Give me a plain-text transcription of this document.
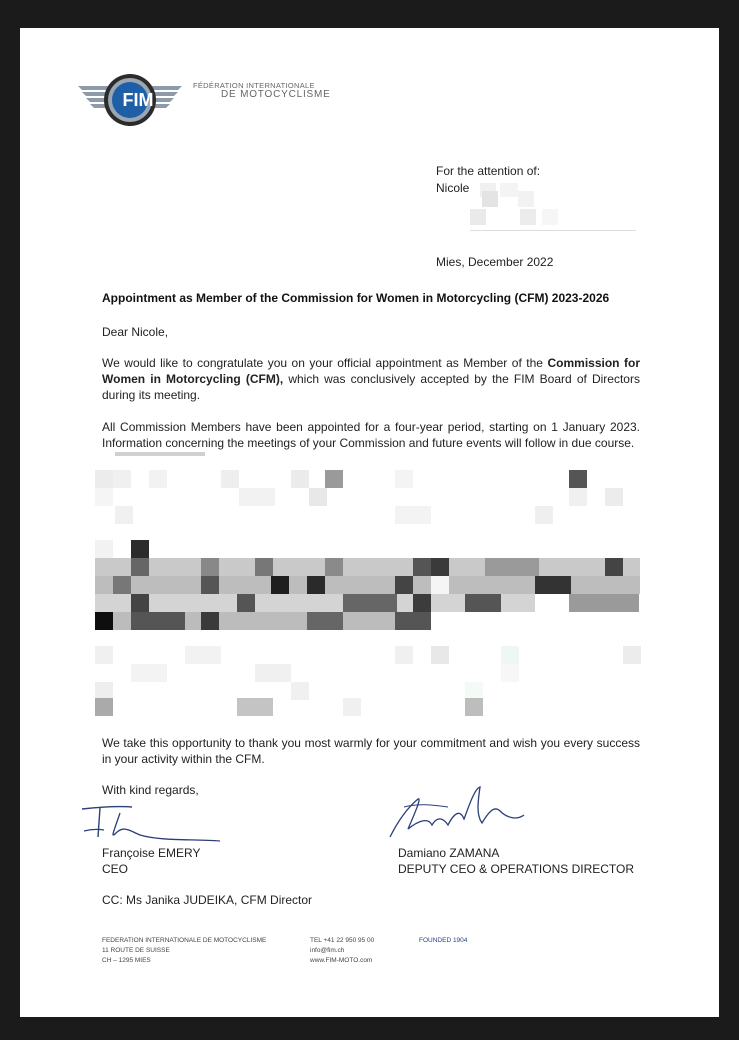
FIM
FÉDÉRATION INTERNATIONALE
DE MOTOCYCLISME
For the attention of:
Nicole
Mies, December 2022
Appointment as Member of the Commission for Women in Motorcycling (CFM) 2023-2026
Dear Nicole,
We would like to congratulate you on your official appointment as Member of the Commission for Women in Motorcycling (CFM), which was conclusively accepted by the FIM Board of Directors during its meeting.
All Commission Members have been appointed for a four-year period, starting on 1 January 2023. Information concerning the meetings of your Commission and future events will follow in due course.
We take this opportunity to thank you most warmly for your commitment and wish you every success in your activity within the CFM.
With kind regards,
Françoise EMERY
CEO
Damiano ZAMANA
DEPUTY CEO & OPERATIONS DIRECTOR
CC: Ms Janika JUDEIKA, CFM Director
FEDERATION INTERNATIONALE DE MOTOCYCLISME
11 ROUTE DE SUISSE
CH – 1295 MIES
TEL +41 22 950 95 00
info@fim.ch
www.FIM-MOTO.com
FOUNDED 1904
